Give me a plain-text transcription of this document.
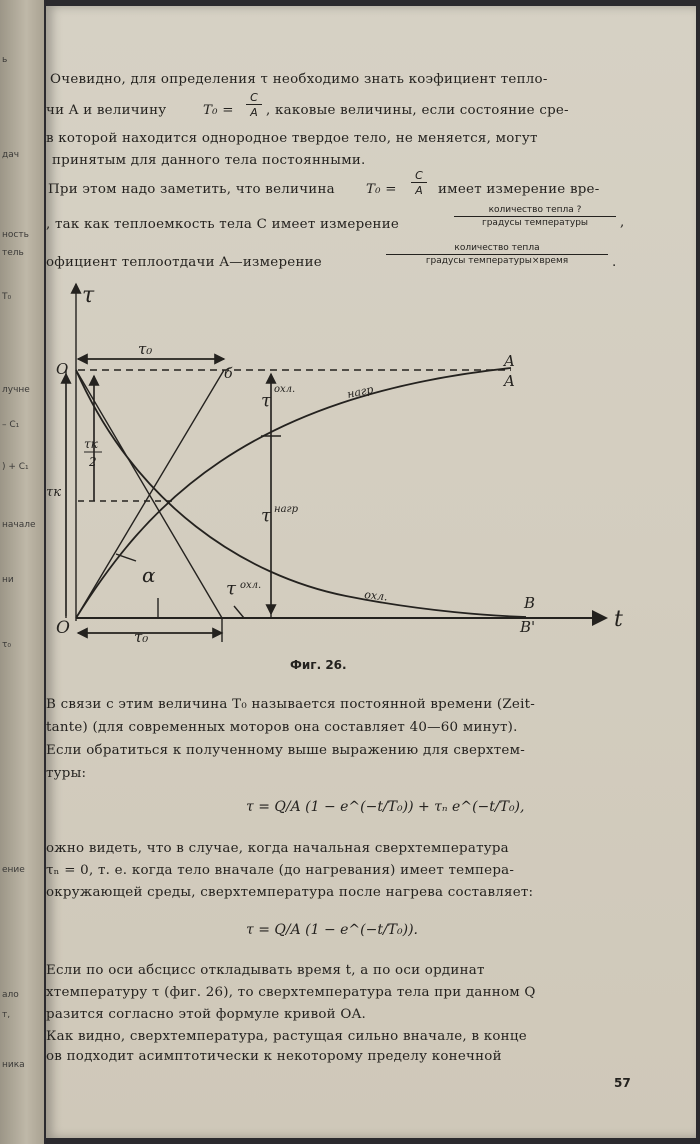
ь
дач
ность
тель
T₀
лучне
– C₁
) + C₁
начале
ни
τ₀
ение
ало
т,
ника
Очевидно, для определения τ необходимо знать коэфициент тепло-
чи A и величину	$T_0 = \frac{C}{A}$ , каковые величины, если состояние сре-
в которой находится однородное твердое тело, не меняется, могут
принятым для данного тела постоянными.
При этом надо заметить, что величина $T_0 = \frac{C}{A}$ имеет измерение вре-
, так как теплоемкость тела C имеет измерение
количество тепла ?
градусы температуры	,
официент теплоотдачи A—измерение
количество тепла
градусы температуры×время	.
τ
t
O
O
τ₀
τ₀
б
A
A
B
B'
τк
τк
2
α
τ
охл.
τ нагр
τ охл.
нагр
охл.
Фиг. 26.
В связи с этим величина T₀ называется постоянной времени (Zeit-
tante) (для современных моторов она составляет 40—60 минут).
Если обратиться к полученному выше выражению для сверхтем-
туры:
τ = Q/A (1 − e^(−t/T₀)) + τₙ e^(−t/T₀),
ожно видеть, что в случае, когда начальная сверхтемпература
τₙ = 0, т. е. когда тело вначале (до нагревания) имеет темпера-
окружающей среды, сверхтемпература после нагрева составляет:
τ = Q/A (1 − e^(−t/T₀)).
Если по оси абсцисс откладывать время t, а по оси ординат
хтемпературу τ (фиг. 26), то сверхтемпература тела при данном Q
разится согласно этой формуле кривой OA.
Как видно, сверхтемпература, растущая сильно вначале, в конце
ов подходит асимптотически к некоторому пределу конечной
57
